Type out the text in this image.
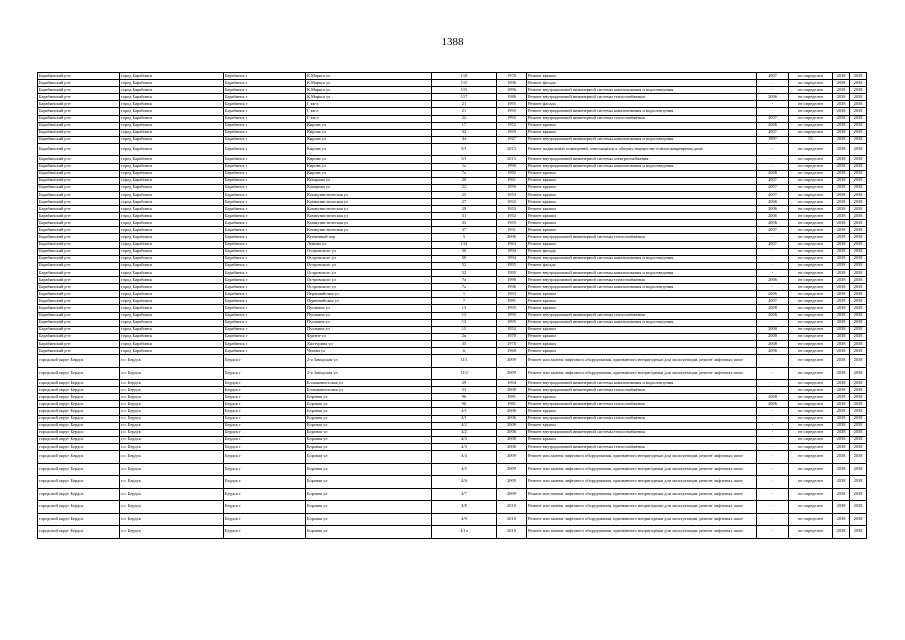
1388
Барабинский р-н	город Барабинск	Барабинск г	К.Маркса ул	110	1970	Ремонт крыши	2007	не определен	2038	2038
Барабинский р-н	город Барабинск	Барабинск г	К.Маркса ул	115	1996	Ремонт фасада	-	не определен	2038	2038
Барабинский р-н	город Барабинск	Барабинск г	К.Маркса ул	115	1996	Ремонт внутридомовой инженерной системы канализования и водоотведения	-	не определен	2038	2038
Барабинский р-н	город Барабинск	Барабинск г	К.Маркса ул	117	1986	Ремонт внутридомовой инженерной системы теплоснабжения	2006	не определен	2038	2038
Барабинский р-н	город Барабинск	Барабинск г	Г кв-л	21	1995	Ремонт фасада	-	не определен	2038	2038
Барабинский р-н	город Барабинск	Барабинск г	Г кв-л	21	1995	Ремонт внутридомовой инженерной системы канализования и водоотведения	-	не определен	2038	2038
Барабинский р-н	город Барабинск	Барабинск г	Г кв-л	22	1992	Ремонт внутридомовой инженерной системы теплоснабжения	2007	не определен	2038	2038
Барабинский р-н	город Барабинск	Барабинск г	Кирова ул	17	1952	Ремонт крыши	2006	не определен	2038	2038
Барабинский р-н	город Барабинск	Барабинск г	Кирова ул	32	1959	Ремонт крыши	2007	не определен	2038	2038
Барабинский р-н	город Барабинск	Барабинск г	Кирова ул	44	1947	Ремонт внутридомовой инженерной системы канализования и водоотведения	1997	55	2038	2038
Барабинский р-н	город Барабинск	Барабинск г	Кирова ул	5/1	2013	Ремонт подвальных помещений, относящихся к общему имуществу в многоквартирном доме	-	не определен	2038	2038
Барабинский р-н	город Барабинск	Барабинск г	Кирова ул	5/1	2013	Ремонт внутридомовой инженерной системы электроснабжения	-	не определен	2038	2038
Барабинский р-н	город Барабинск	Барабинск г	Кирова ул	1ь	1990	Ремонт внутридомовой инженерной системы канализования и водоотведения	-	не определен	2038	2038
Барабинский р-н	город Барабинск	Барабинск г	Кирова ул	7а	1982	Ремонт крыши	2008	не определен	2038	2038
Барабинский р-н	город Барабинск	Барабинск г	Комарова ул	20	1961	Ремонт крыши	2007	не определен	2038	2038
Барабинский р-н	город Барабинск	Барабинск г	Комарова ул	22	1959	Ремонт крыши	2007	не определен	2038	2038
Барабинский р-н	город Барабинск	Барабинск г	Коммунистическая ул	25	1953	Ремонт крыши	2007	не определен	2038	2038
Барабинский р-н	город Барабинск	Барабинск г	Коммунистическая ул	27	1952	Ремонт крыши	2006	не определен	2038	2038
Барабинский р-н	город Барабинск	Барабинск г	Коммунистическая ул	29	1952	Ремонт крыши	2006	не определен	2038	2038
Барабинский р-н	город Барабинск	Барабинск г	Коммунистическая ул	31	1952	Ремонт крыши	2006	не определен	2038	2038
Барабинский р-н	город Барабинск	Барабинск г	Коммунистическая ул	33	1955	Ремонт крыши	2006	не определен	2038	2038
Барабинский р-н	город Барабинск	Барабинск г	Коммунистическая ул	37	1951	Ремонт крыши	2007	не определен	2038	2038
Барабинский р-н	город Барабинск	Барабинск г	Кузнечный пер	5	2006	Ремонт внутридомовой инженерной системы теплоснабжения	-	не определен	2038	2038
Барабинский р-н	город Барабинск	Барабинск г	Ленина ул	134	1963	Ремонт крыши	2007	не определен	2038	2038
Барабинский р-н	город Барабинск	Барабинск г	Островского ул	50	1994	Ремонт фасада	-	не определен	2038	2038
Барабинский р-н	город Барабинск	Барабинск г	Островского ул	50	1994	Ремонт внутридомовой инженерной системы канализования и водоотведения	-	не определен	2038	2038
Барабинский р-н	город Барабинск	Барабинск г	Островского ул	52	1995	Ремонт фасада	-	не определен	2038	2038
Барабинский р-н	город Барабинск	Барабинск г	Островского ул	52	1995	Ремонт внутридомовой инженерной системы канализования и водоотведения	-	не определен	2038	2038
Барабинский р-н	город Барабинск	Барабинск г	Островского ул	7а	1996	Ремонт внутридомовой инженерной системы теплоснабжения	2006	не определен	2038	2038
Барабинский р-н	город Барабинск	Барабинск г	Островского ул	7а	1996	Ремонт внутридомовой инженерной системы канализования и водоотведения	-	не определен	2038	2038
Барабинский р-н	город Барабинск	Барабинск г	Первомайская ул	1	1963	Ремонт крыши	2006	не определен	2038	2038
Барабинский р-н	город Барабинск	Барабинск г	Первомайская ул	7	1981	Ремонт крыши	2007	не определен	2038	2038
Барабинский р-н	город Барабинск	Барабинск г	Пушкина ул	13	1995	Ремонт крыши	2008	не определен	2038	2038
Барабинский р-н	город Барабинск	Барабинск г	Пушкина ул	13	1995	Ремонт внутридомовой инженерной системы теплоснабжения	2006	не определен	2038	2038
Барабинский р-н	город Барабинск	Барабинск г	Пушкина ул	13	1995	Ремонт внутридомовой инженерной системы канализования и водоотведения	-	не определен	2038	2038
Барабинский р-н	город Барабинск	Барабинск г	Пушкина ул	15	1952	Ремонт крыши	2008	не определен	2038	2038
Барабинский р-н	город Барабинск	Барабинск г	Фрунзе ул	2ц	1970	Ремонт крыши	2008	не определен	2038	2038
Барабинский р-н	город Барабинск	Барабинск г	Халтурина ул	35	1978	Ремонт крыши	2008	не определен	2038	2038
Барабинский р-н	город Барабинск	Барабинск г	Чехова ул	1г	1960	Ремонт крыши	2006	не определен	2038	2038
городской округ Бердск	г.о. Бердск	Бердск г	2-я Заводская ул	11/1	2009	Ремонт или замена лифтового оборудования, признанного непригодным для эксплуатации, ремонт лифтовых шахт	-	не определен	2038	2038
городской округ Бердск	г.о. Бердск	Бердск г	2-я Заводская ул	11/2	2009	Ремонт или замена лифтового оборудования, признанного непригодным для эксплуатации, ремонт лифтовых шахт	-	не определен	2038	2038
городской округ Бердск	г.о. Бердск	Бердск г	Большевистская ул	29	1994	Ремонт внутридомовой инженерной системы канализования и водоотведения	-	не определен	2038	2038
городской округ Бердск	г.о. Бердск	Бердск г	Большевистская ул	53	2008	Ремонт внутридомовой инженерной системы теплоснабжения	-	не определен	2038	2038
городской округ Бердск	г.о. Бердск	Бердск г	Боровая ул	96	1981	Ремонт крыши	2008	не определен	2038	2038
городской округ Бердск	г.о. Бердск	Бердск г	Боровая ул	96	1981	Ремонт внутридомовой инженерной системы теплоснабжения	2006	не определен	2038	2038
городской округ Бердск	г.о. Бердск	Бердск г	Боровая ул	4/1	2006	Ремонт крыши	-	не определен	2038	2038
городской округ Бердск	г.о. Бердск	Бердск г	Боровая ул	4/1	2006	Ремонт внутридомовой инженерной системы теплоснабжения	-	не определен	2038	2038
городской округ Бердск	г.о. Бердск	Бердск г	Боровая ул	4/2	2006	Ремонт крыши	-	не определен	2038	2038
городской округ Бердск	г.о. Бердск	Бердск г	Боровая ул	4/2	2006	Ремонт внутридомовой инженерной системы теплоснабжения	-	не определен	2038	2038
городской округ Бердск	г.о. Бердск	Бердск г	Боровая ул	4/3	2008	Ремонт крыши	-	не определен	2038	2038
городской округ Бердск	г.о. Бердск	Бердск г	Боровая ул	4/3	2008	Ремонт внутридомовой инженерной системы теплоснабжения	-	не определен	2038	2038
городской округ Бердск	г.о. Бердск	Бердск г	Боровая ул	4/4	2009	Ремонт или замена лифтового оборудования, признанного непригодным для эксплуатации, ремонт лифтовых шахт	-	не определен	2038	2038
городской округ Бердск	г.о. Бердск	Бердск г	Боровая ул	4/5	2009	Ремонт или замена лифтового оборудования, признанного непригодным для эксплуатации, ремонт лифтовых шахт	-	не определен	2038	2038
городской округ Бердск	г.о. Бердск	Бердск г	Боровая ул	4/6	2009	Ремонт или замена лифтового оборудования, признанного непригодным для эксплуатации, ремонт лифтовых шахт	-	не определен	2038	2038
городской округ Бердск	г.о. Бердск	Бердск г	Боровая ул	4/7	2009	Ремонт или замена лифтового оборудования, признанного непригодным для эксплуатации, ремонт лифтовых шахт	-	не определен	2038	2038
городской округ Бердск	г.о. Бердск	Бердск г	Боровая ул	4/8	2010	Ремонт или замена лифтового оборудования, признанного непригодным для эксплуатации, ремонт лифтовых шахт	-	не определен	2038	2038
городской округ Бердск	г.о. Бердск	Бердск г	Боровая ул	4/9	2010	Ремонт или замена лифтового оборудования, признанного непригодным для эксплуатации, ремонт лифтовых шахт	-	не определен	2038	2038
городской округ Бердск	г.о. Бердск	Бердск г	Боровая ул	4/1а	2010	Ремонт или замена лифтового оборудования, признанного непригодным для эксплуатации, ремонт лифтовых шахт	-	не определен	2038	2038
